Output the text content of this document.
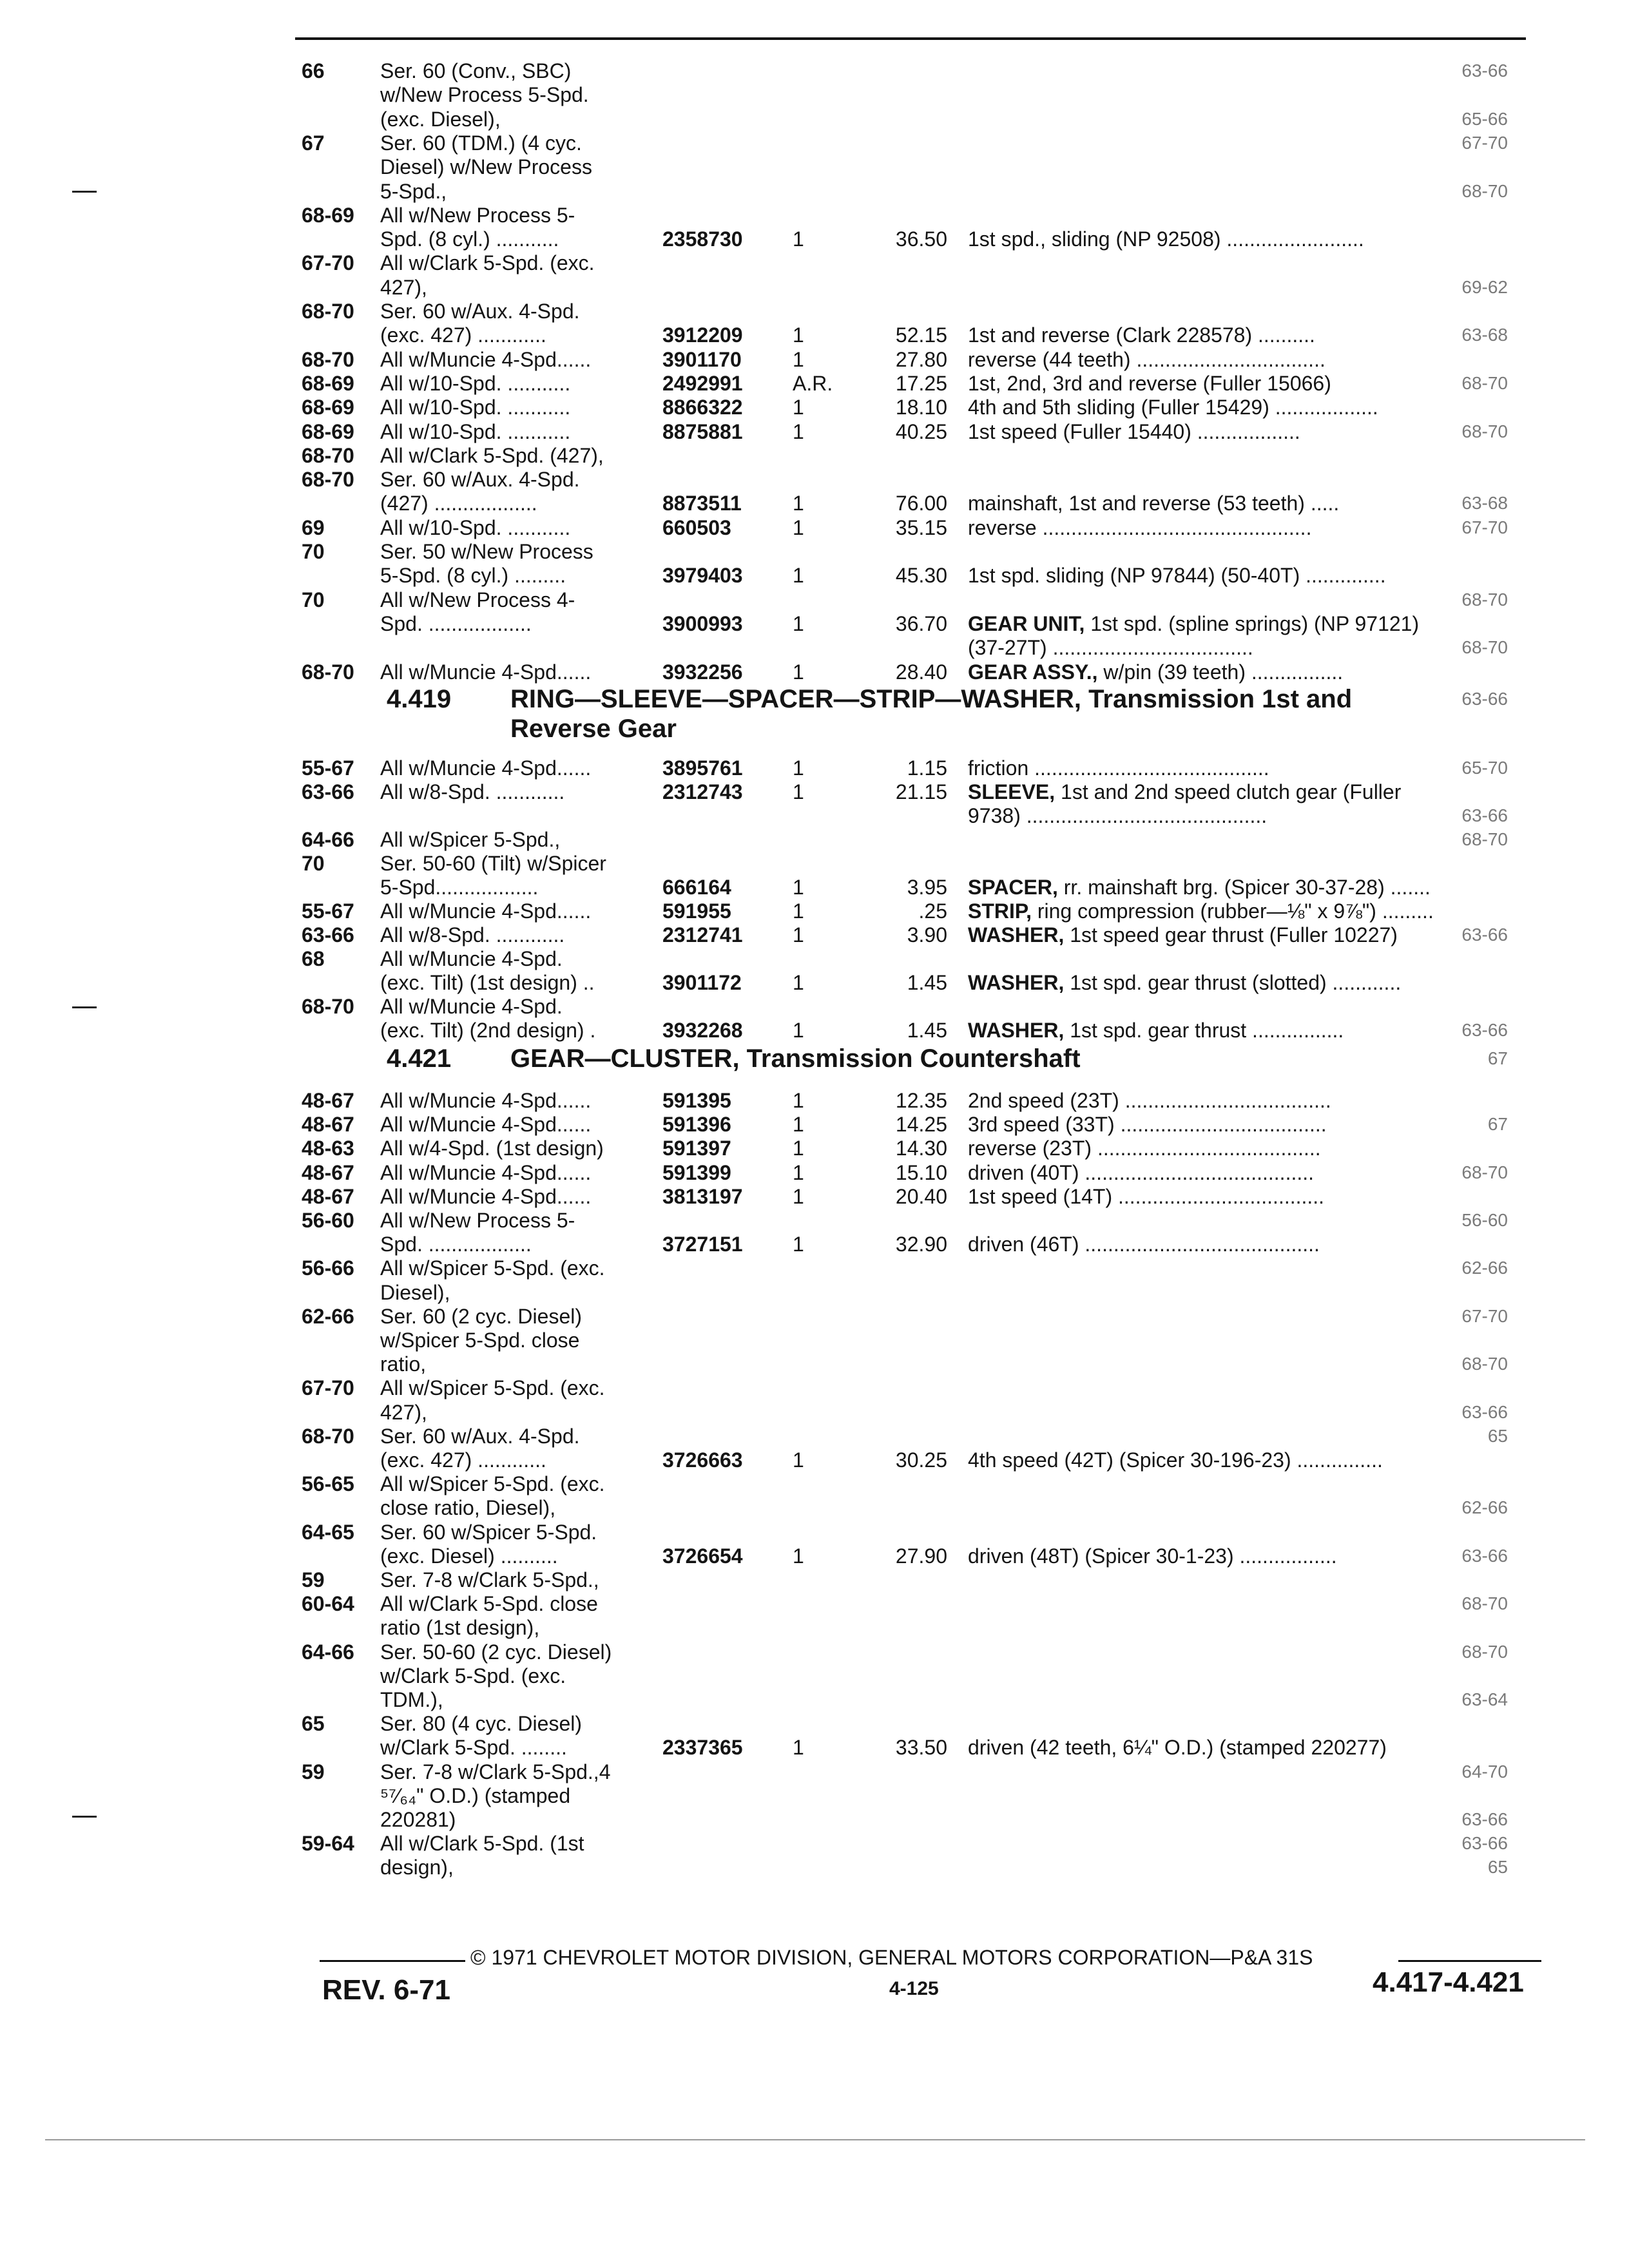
66	Ser. 60 (Conv., SBC)	63-66
w/New Process 5-Spd.
(exc. Diesel),	65-66
67	Ser. 60 (TDM.) (4 cyc.	67-70
Diesel) w/New Process
5-Spd.,	68-70
68-69 All w/New Process 5-
Spd. (8 cyl.) ...........	2358730 1	36.50 1st spd., sliding (NP 92508) ........................
67-70 All w/Clark 5-Spd. (exc.
427),	69-62
68-70 Ser. 60 w/Aux. 4-Spd.
(exc. 427) ............	3912209 1	52.15 1st and reverse (Clark 228578) ..........	63-68
68-70 All w/Muncie 4-Spd......	3901170 1	27.80 reverse (44 teeth) .................................
68-69 All w/10-Spd. ...........	2492991 A.R.	17.25 1st, 2nd, 3rd and reverse (Fuller 15066)	68-70
68-69 All w/10-Spd. ...........	8866322 1	18.10 4th and 5th sliding (Fuller 15429) ..................
68-69 All w/10-Spd. ...........	8875881 1	40.25 1st speed (Fuller 15440) ..................	68-70
68-70 All w/Clark 5-Spd. (427),
68-70 Ser. 60 w/Aux. 4-Spd.
(427) ..................	8873511 1	76.00 mainshaft, 1st and reverse (53 teeth) .....	63-68
69	All w/10-Spd. ...........	660503	1	35.15 reverse ...............................................	67-70
70	Ser. 50 w/New Process
5-Spd. (8 cyl.) .........	3979403 1	45.30 1st spd. sliding (NP 97844) (50-40T) ..............
70	All w/New Process 4-	68-70
Spd. ..................	3900993 1	36.70 GEAR UNIT, 1st spd. (spline springs) (NP 97121)
(37-27T) ...................................	68-70
68-70 All w/Muncie 4-Spd......	3932256 1	28.40 GEAR ASSY., w/pin (39 teeth) ................
4.419 RING—SLEEVE—SPACER—STRIP—WASHER, Transmission 1st and
Reverse Gear
63-66
55-67 All w/Muncie 4-Spd......	3895761 1	1.15 friction .........................................	65-70
63-66 All w/8-Spd. ............	2312743 1	21.15 SLEEVE, 1st and 2nd speed clutch gear (Fuller
9738) ..........................................	63-66
64-66 All w/Spicer 5-Spd.,	68-70
70	Ser. 50-60 (Tilt) w/Spicer
5-Spd..................	666164	1	3.95 SPACER, rr. mainshaft brg. (Spicer 30-37-28) .......
55-67 All w/Muncie 4-Spd......	591955	1	.25 STRIP, ring compression (rubber—⅛" x 9⅞") .........
63-66 All w/8-Spd. ............	2312741 1	3.90 WASHER, 1st speed gear thrust (Fuller 10227)	63-66
68	All w/Muncie 4-Spd.
(exc. Tilt) (1st design) ..	3901172 1	1.45 WASHER, 1st spd. gear thrust (slotted) ............
68-70 All w/Muncie 4-Spd.
(exc. Tilt) (2nd design) .	3932268 1	1.45 WASHER, 1st spd. gear thrust ................	63-66
4.421 GEAR—CLUSTER, Transmission Countershaft	67
48-67 All w/Muncie 4-Spd......	591395	1	12.35 2nd speed (23T) ....................................
48-67 All w/Muncie 4-Spd......	591396	1	14.25 3rd speed (33T) ....................................	67
48-63 All w/4-Spd. (1st design)	591397	1	14.30 reverse (23T) .......................................
48-67 All w/Muncie 4-Spd......	591399	1	15.10 driven (40T) ........................................	68-70
48-67 All w/Muncie 4-Spd......	3813197 1	20.40 1st speed (14T) ....................................
56-60 All w/New Process 5-	56-60
Spd. ..................	3727151 1	32.90 driven (46T) .........................................
56-66 All w/Spicer 5-Spd. (exc.	62-66
Diesel),
62-66 Ser. 60 (2 cyc. Diesel)	67-70
w/Spicer 5-Spd. close
ratio,	68-70
67-70 All w/Spicer 5-Spd. (exc.
427),	63-66
68-70 Ser. 60 w/Aux. 4-Spd.	65
(exc. 427) ............	3726663 1	30.25 4th speed (42T) (Spicer 30-196-23) ...............
56-65 All w/Spicer 5-Spd. (exc.
close ratio, Diesel),	62-66
64-65 Ser. 60 w/Spicer 5-Spd.
(exc. Diesel) ..........	3726654 1	27.90 driven (48T) (Spicer 30-1-23) .................	63-66
59	Ser. 7-8 w/Clark 5-Spd.,
60-64 All w/Clark 5-Spd. close	68-70
ratio (1st design),
64-66 Ser. 50-60 (2 cyc. Diesel)	68-70
w/Clark 5-Spd. (exc.
TDM.),	63-64
65	Ser. 80 (4 cyc. Diesel)
w/Clark 5-Spd. ........	2337365 1	33.50 driven (42 teeth, 6¼" O.D.) (stamped 220277)
59	Ser. 7-8 w/Clark 5-Spd.,4	64-70
⁵⁷⁄₆₄" O.D.) (stamped
220281)	63-66
59-64 All w/Clark 5-Spd. (1st	63-66
design),	65
© 1971 CHEVROLET MOTOR DIVISION, GENERAL MOTORS CORPORATION—P&A 31S
REV. 6-71	4-125	4.417-4.421
